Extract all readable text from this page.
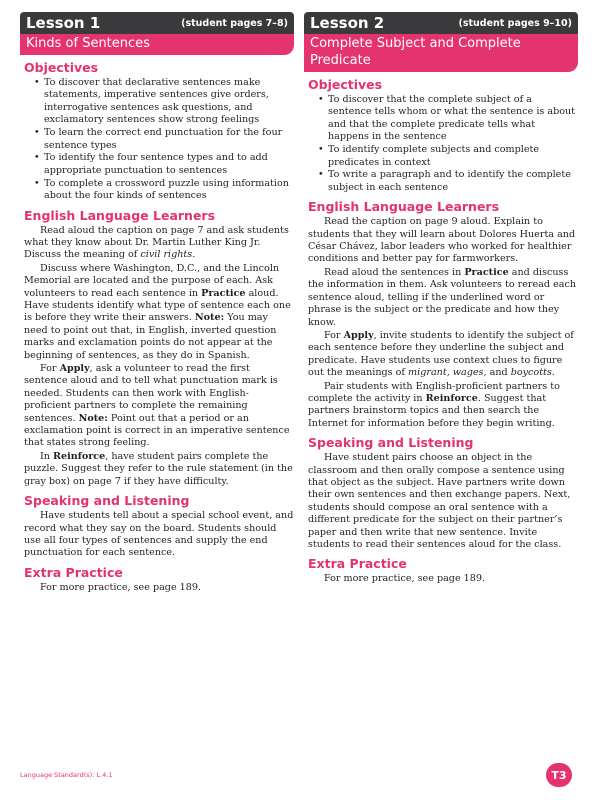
Lesson 1	(student pages 7–8)
Kinds of Sentences
Objectives
• To discover that declarative sentences make statements, imperative sentences give orders, interrogative sentences ask questions, and exclamatory sentences show strong feelings
• To learn the correct end punctuation for the four sentence types
• To identify the four sentence types and to add appropriate punctuation to sentences
• To complete a crossword puzzle using information about the four kinds of sentences
English Language Learners

Read aloud the caption on page 7 and ask students what they know about Dr. Martin Luther King Jr. Discuss the meaning of civil rights.

Discuss where Washington, D.C., and the Lincoln Memorial are located and the purpose of each. Ask volunteers to read each sentence in Practice aloud. Have students identify what type of sentence each one is before they write their answers. Note: You may need to point out that, in English, inverted question marks and exclamation points do not appear at the beginning of sentences, as they do in Spanish.

For Apply, ask a volunteer to read the first sentence aloud and to tell what punctuation mark is needed. Students can then work with English-proficient partners to complete the remaining sentences. Note: Point out that a period or an exclamation point is correct in an imperative sentence that states strong feeling.

In Reinforce, have student pairs complete the puzzle. Suggest they refer to the rule statement (in the gray box) on page 7 if they have difficulty.

Speaking and Listening

Have students tell about a special school event, and record what they say on the board. Students should use all four types of sentences and supply the end punctuation for each sentence.

Extra Practice

For more practice, see page 189.

Lesson 2	(student pages 9–10)
Complete Subject and Complete Predicate
Objectives
• To discover that the complete subject of a sentence tells whom or what the sentence is about and that the complete predicate tells what happens in the sentence
• To identify complete subjects and complete predicates in context
• To write a paragraph and to identify the complete subject in each sentence
English Language Learners

Read the caption on page 9 aloud. Explain to students that they will learn about Dolores Huerta and César Chávez, labor leaders who worked for healthier conditions and better pay for farmworkers.

Read aloud the sentences in Practice and discuss the information in them. Ask volunteers to reread each sentence aloud, telling if the underlined word or phrase is the subject or the predicate and how they know.

For Apply, invite students to identify the subject of each sentence before they underline the subject and predicate. Have students use context clues to figure out the meanings of migrant, wages, and boycotts.

Pair students with English-proficient partners to complete the activity in Reinforce. Suggest that partners brainstorm topics and then search the Internet for information before they begin writing.

Speaking and Listening

Have student pairs choose an object in the classroom and then orally compose a sentence using that object as the subject. Have partners write down their own sentences and then exchange papers. Next, students should compose an oral sentence with a different predicate for the subject on their partner’s paper and then write that new sentence. Invite students to read their sentences aloud for the class.

Extra Practice

For more practice, see page 189.

Language Standard(s): L.4.1	T3
